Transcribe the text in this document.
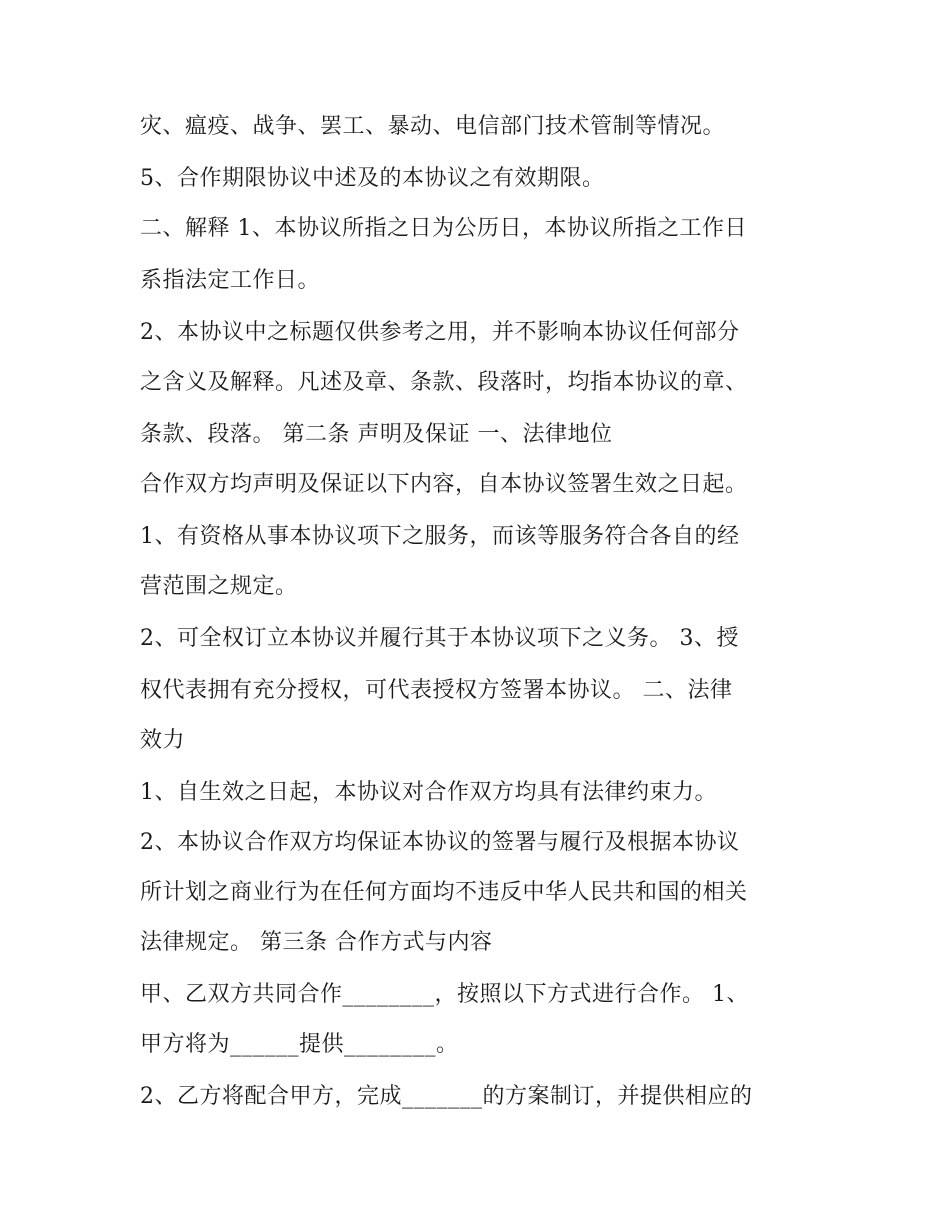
灾、瘟疫、战争、罢工、暴动、电信部门技术管制等情况。
5、合作期限协议中述及的本协议之有效期限。
二、解释 1、本协议所指之日为公历日，本协议所指之工作日
系指法定工作日。
2、本协议中之标题仅供参考之用，并不影响本协议任何部分
之含义及解释。凡述及章、条款、段落时，均指本协议的章、
条款、段落。 第二条 声明及保证 一、法律地位
合作双方均声明及保证以下内容，自本协议签署生效之日起。
1、有资格从事本协议项下之服务，而该等服务符合各自的经
营范围之规定。
2、可全权订立本协议并履行其于本协议项下之义务。 3、授
权代表拥有充分授权，可代表授权方签署本协议。 二、法律
效力
1、自生效之日起，本协议对合作双方均具有法律约束力。
2、本协议合作双方均保证本协议的签署与履行及根据本协议
所计划之商业行为在任何方面均不违反中华人民共和国的相关
法律规定。 第三条 合作方式与内容
甲、乙双方共同合作________，按照以下方式进行合作。 1、
甲方将为______提供________。
2、乙方将配合甲方，完成_______的方案制订，并提供相应的
